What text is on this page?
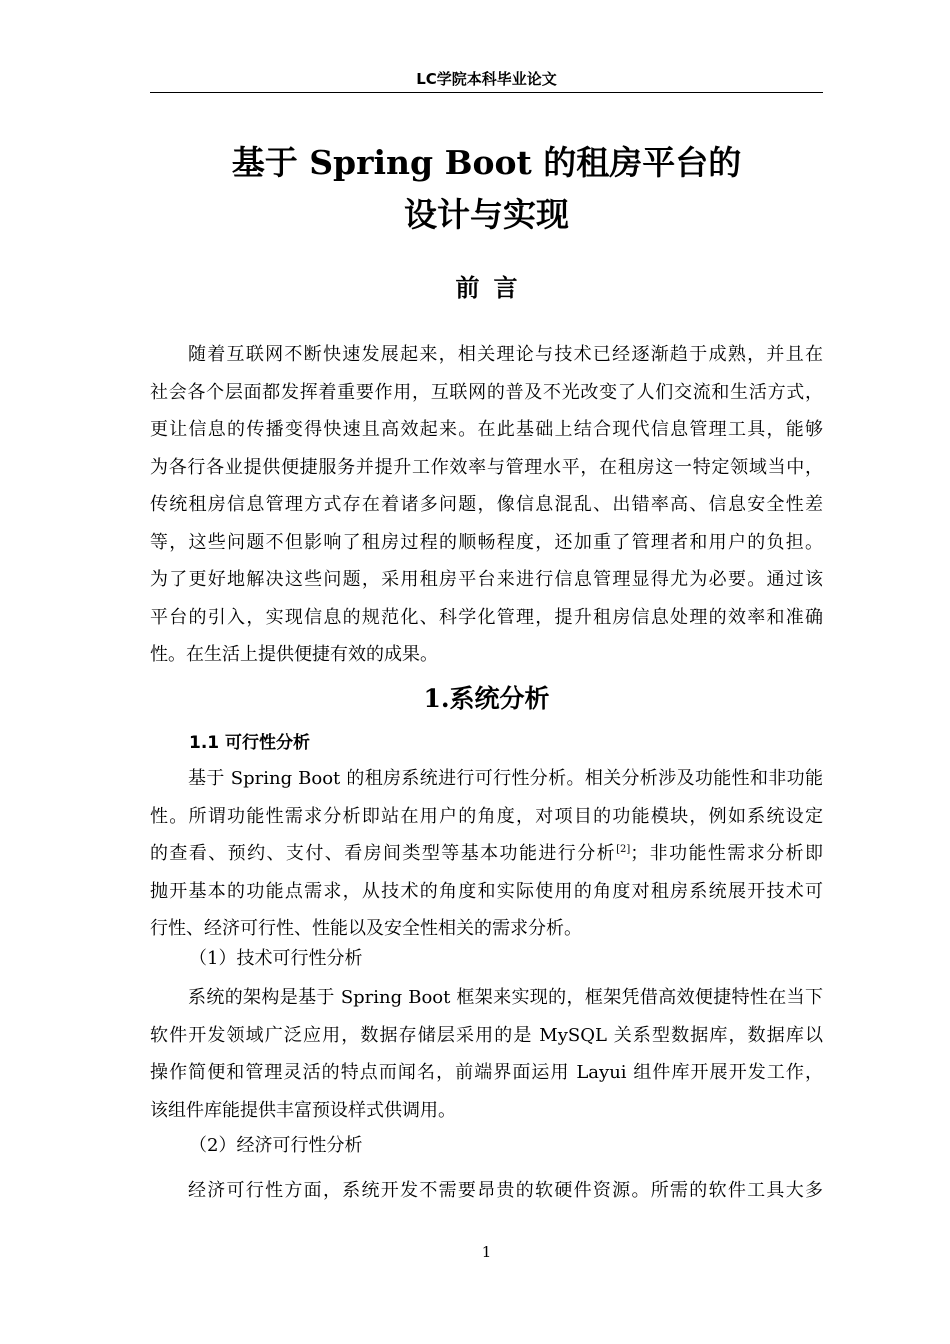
LC学院本科毕业论文
基于 Spring Boot 的租房平台的
设计与实现
前言
随着互联网不断快速发展起来，相关理论与技术已经逐渐趋于成熟，并且在
社会各个层面都发挥着重要作用，互联网的普及不光改变了人们交流和生活方式，
更让信息的传播变得快速且高效起来。在此基础上结合现代信息管理工具，能够
为各行各业提供便捷服务并提升工作效率与管理水平，在租房这一特定领域当中，
传统租房信息管理方式存在着诸多问题，像信息混乱、出错率高、信息安全性差
等，这些问题不但影响了租房过程的顺畅程度，还加重了管理者和用户的负担。
为了更好地解决这些问题，采用租房平台来进行信息管理显得尤为必要。通过该
平台的引入，实现信息的规范化、科学化管理，提升租房信息处理的效率和准确
性。在生活上提供便捷有效的成果。
1.系统分析
1.1 可行性分析
基于 Spring Boot 的租房系统进行可行性分析。相关分析涉及功能性和非功能
性。所谓功能性需求分析即站在用户的角度，对项目的功能模块，例如系统设定
的查看、预约、支付、看房间类型等基本功能进行分析[2]；非功能性需求分析即
抛开基本的功能点需求，从技术的角度和实际使用的角度对租房系统展开技术可
行性、经济可行性、性能以及安全性相关的需求分析。
（1）技术可行性分析
系统的架构是基于 Spring Boot 框架来实现的，框架凭借高效便捷特性在当下
软件开发领域广泛应用，数据存储层采用的是 MySQL 关系型数据库，数据库以
操作简便和管理灵活的特点而闻名，前端界面运用 Layui 组件库开展开发工作，
该组件库能提供丰富预设样式供调用。
（2）经济可行性分析
经济可行性方面，系统开发不需要昂贵的软硬件资源。所需的软件工具大多
1
